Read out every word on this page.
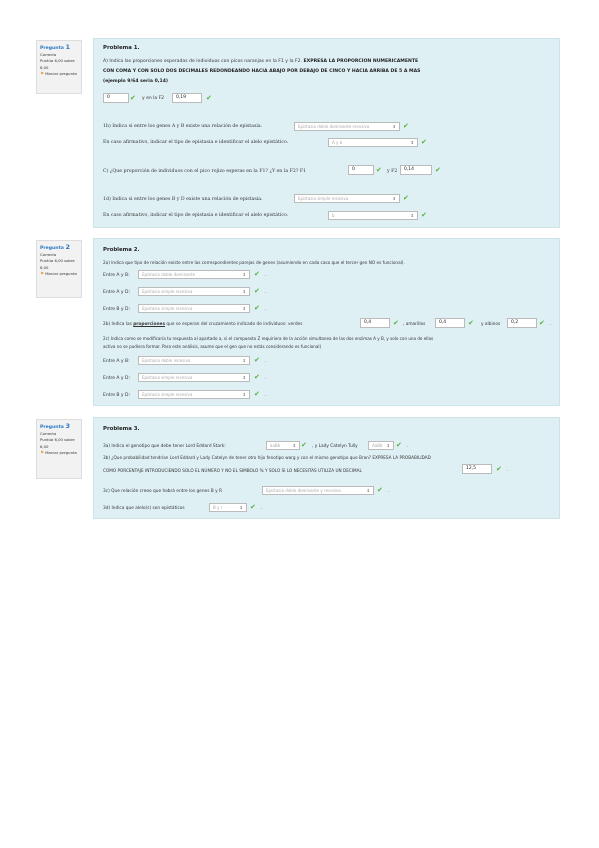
Pregunta 1
Correcta
Puntúa 6,00 sobre 6,00
⚑ Marcar pregunta
Pregunta 2
Correcta
Puntúa 6,00 sobre 6,00
⚑ Marcar pregunta
Pregunta 3
Correcta
Puntúa 6,00 sobre 6,00
⚑ Marcar pregunta
Problema 1.
A) Indica las proporciones esperadas de individuos con picos naranjas en la F1 y la F2. EXPRESA LA PROPORCION NUMERICAMENTE
CON COMA Y CON SOLO DOS DECIMALES REDONDEANDO HACIA ABAJO POR DEBAJO DE CINCO Y HACIA ARRIBA DE 5 A MAS
(ejemplo 9/64 seria 0,14)
0	✔ y en la F2	0,19	✔
1b) Indica si entre los genes A y B existe una relación de epistasia.	Epistasia doble dominante-recesiva	⇕ ✔
En caso afirmativo, indicar el tipo de epistasia e identificar el alelo epistático.	A y b	⇕ ✔
C) ¿Que proporción de individuos con el pico rojizo esperas en la F1? ¿Y en la F2? F1	0	✔ y F2	0,14	✔
1d) Indica si entre los genes B y D existe una relación de epistasia.	Epistasia simple recesiva	⇕ ✔
En caso afirmativo, indicar el tipo de epistasia e identificar el alelo epistático.	b	⇕ ✔
Problema 2.
2a) Indica que tipo de relación existe entre las correspondientes parejas de genes (asumiendo en cada caso que el tercer gen NO es funcional).
Entre A y B:	Epistasia doble dominante	⇕ ✔ .
Entre A y D:	Epistasia simple recesiva	⇕ ✔ .
Entre B y D:	Epistasia simple recesiva	⇕ ✔ .
2b) Indica las proporciones que se esperan del cruzamiento indicado de individuos: verdes	0,4	✔ , amarillos	0,4	✔ y albinos	0,2	✔ .
2c) Indica como se modificaría tu respuesta al apartado a, si el compuesto Z requiriera de la acción simultanea de las dos enzimas A y B, y solo con una de ellas
activa no se pudiera formar. Para este análisis, asume que el gen que no estás considerando es funcional)
Entre A y B:	Epistasia doble recesiva	⇕ ✔ .
Entre A y D:	Epistasia simple recesiva	⇕ ✔ .
Entre B y D:	Epistasia simple recesiva	⇕ ✔ .
Problema 3.
3a) Indica el genotipo que debe tener Lord Eddard Stark:	aaBb	⇕ ✔ , y Lady Catelyn Tully	AaBb ⇕ ✔ .
3b) ¿Que probabilidad tendrían Lord Eddard y Lady Catelyn de tener otro hijo fenotipo warg y con el mismo genotipo que Bran? EXPRESA LA PROBABILIDAD
COMO PORCENTAJE INTRODUCIENDO SOLO EL NÚMERO Y NO EL SIMBOLO % Y SOLO SI LO NECESITAS UTILIZA UN DECIMAL	12,5	✔ .
3c) Que relación creeo que habrá entre los genes B y R	Epistasia doble dominante y recesiva	⇕ ✔ .
3d) Indica que alelo(s) son epistáticos	B y r	⇕ ✔ .
